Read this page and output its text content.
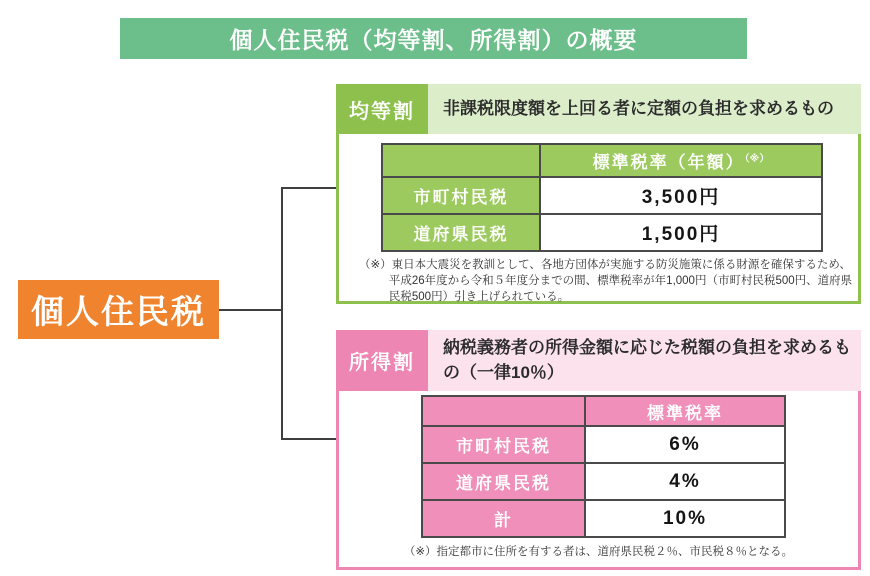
個人住民税（均等割、所得割）の概要
個人住民税
均等割	非課税限度額を上回る者に定額の負担を求めるもの
	標準税率（年額）（※）
市町村民税	3,500円
道府県民税	1,500円
（※）東日本大震災を教訓として、各地方団体が実施する防災施策に係る財源を確保するため、平成26年度から令和５年度分までの間、標準税率が年1,000円（市町村民税500円、道府県民税500円）引き上げられている。
所得割
納税義務者の所得金額に応じた税額の負担を求めるもの（一律10％）
	標準税率
市町村民税	6%
道府県民税	4%
計	10%
（※）指定都市に住所を有する者は、道府県民税２％、市民税８％となる。
